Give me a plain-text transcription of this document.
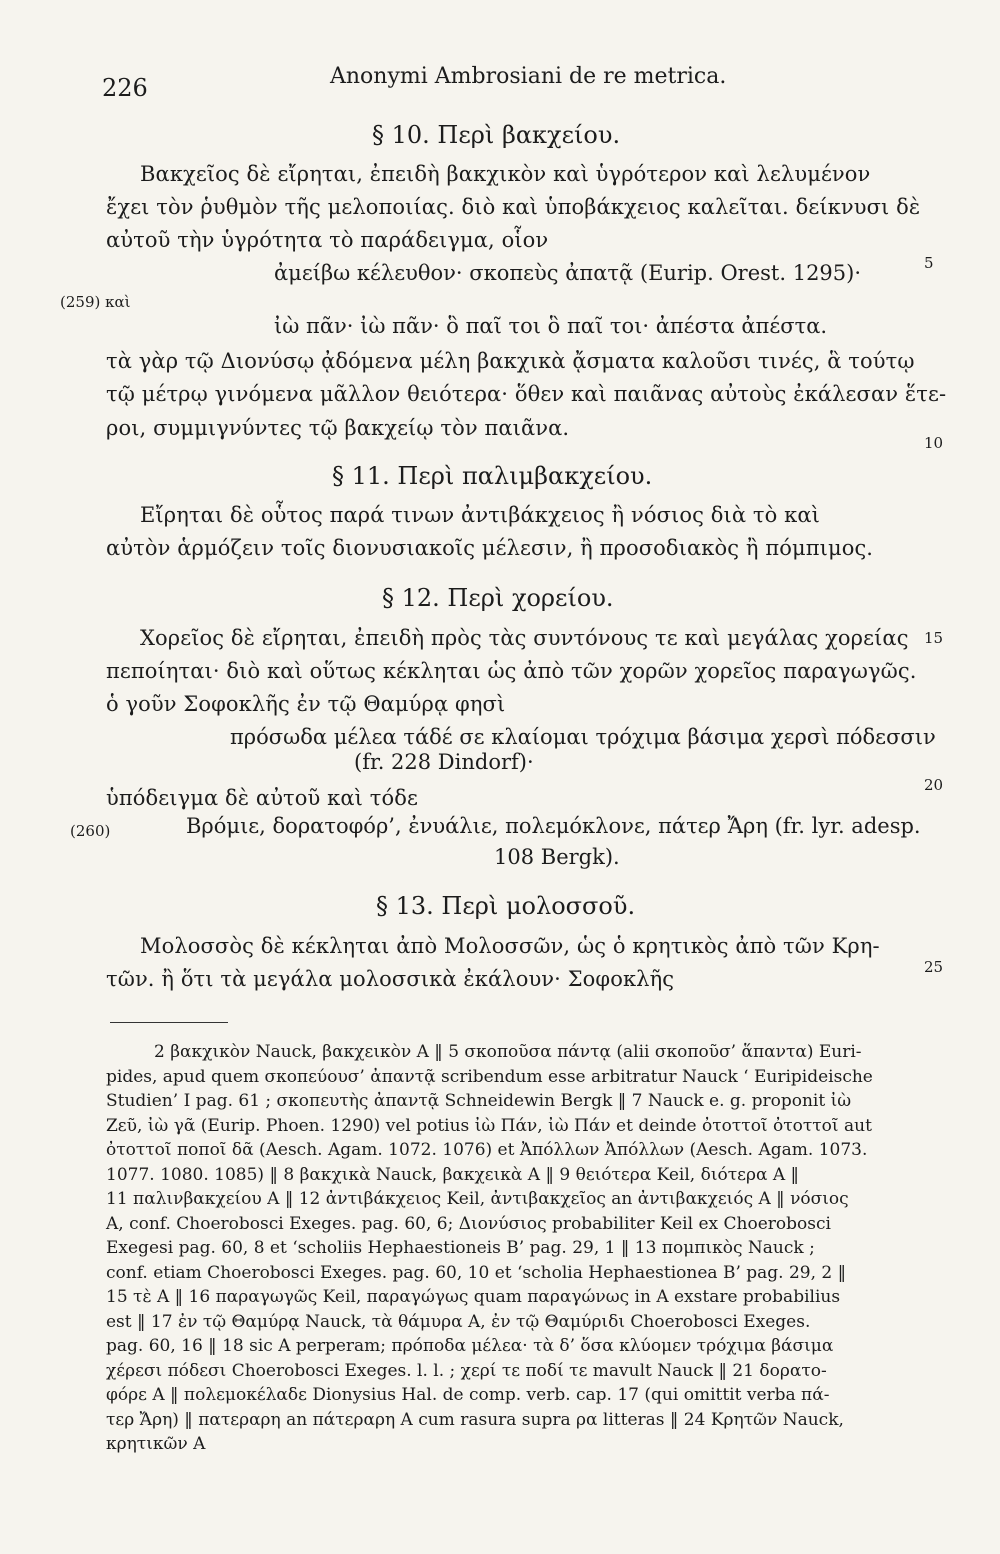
226	Anonymi Ambrosiani de re metrica.
§ 10. Περὶ βακχείου.
Βακχεῖος δὲ εἴρηται, ἐπειδὴ βακχικὸν καὶ ὑγρότερον καὶ λελυμένον
ἔχει τὸν ῥυθμὸν τῆς μελοποιίας. διὸ καὶ ὑποβάκχειος καλεῖται. δείκνυσι δὲ
αὐτοῦ τὴν ὑγρότητα τὸ παράδειγμα, οἷον
ἀμείβω κέλευθον· σκοπεὺς ἀπατᾷ (Eurip. Orest. 1295)·
(259) καὶ
ἰὼ πᾶν· ἰὼ πᾶν· ὃ παῖ τοι ὃ παῖ τοι· ἀπέστα ἀπέστα.
τὰ γὰρ τῷ Διονύσῳ ᾀδόμενα μέλη βακχικὰ ᾄσματα καλοῦσι τινές, ἃ τούτῳ
τῷ μέτρῳ γινόμενα μᾶλλον θειότερα· ὅθεν καὶ παιᾶνας αὐτοὺς ἐκάλεσαν ἕτε-
ροι, συμμιγνύντες τῷ βακχείῳ τὸν παιᾶνα.
§ 11. Περὶ παλιμβακχείου.
Εἴρηται δὲ οὗτος παρά τινων ἀντιβάκχειος ἢ νόσιος διὰ τὸ καὶ
αὐτὸν ἁρμόζειν τοῖς διονυσιακοῖς μέλεσιν, ἢ προσοδιακὸς ἢ πόμπιμος.
§ 12. Περὶ χορείου.
Χορεῖος δὲ εἴρηται, ἐπειδὴ πρὸς τὰς συντόνους τε καὶ μεγάλας χορείας
πεποίηται· διὸ καὶ οὕτως κέκληται ὡς ἀπὸ τῶν χορῶν χορεῖος παραγωγῶς.
ὁ γοῦν Σοφοκλῆς ἐν τῷ Θαμύρᾳ φησὶ
πρόσωδα μέλεα τάδέ σε κλαίομαι τρόχιμα βάσιμα χερσὶ πόδεσσιν
(fr. 228 Dindorf)·
ὑπόδειγμα δὲ αὐτοῦ καὶ τόδε
(260)	Βρόμιε, δορατοφόρ’, ἐνυάλιε, πολεμόκλονε, πάτερ Ἄρη (fr. lyr. adesp.
108 Bergk).
§ 13. Περὶ μολοσσοῦ.
Μολοσσὸς δὲ κέκληται ἀπὸ Μολοσσῶν, ὡς ὁ κρητικὸς ἀπὸ τῶν Κρη-
τῶν. ἢ ὅτι τὰ μεγάλα μολοσσικὰ ἐκάλουν· Σοφοκλῆς
5
10
15
20
25
2 βακχικὸν Nauck, βακχεικὸν A ‖ 5 σκοποῦσα πάντᾳ (alii σκοποῦσ’ ἅπαντα) Euri-
pides, apud quem σκοπεύουσ’ ἀπαντᾷ scribendum esse arbitratur Nauck ‘ Euripideische
Studien’ I pag. 61 ; σκοπευτὴς ἀπαντᾷ Schneidewin Bergk ‖ 7 Nauck e. g. proponit ἰὼ
Ζεῦ, ἰὼ γᾶ (Eurip. Phoen. 1290) vel potius ἰὼ Πάν, ἰὼ Πάν et deinde ὀτοττοῖ ὀτοττοῖ aut
ὀτοττοῖ ποποῖ δᾶ (Aesch. Agam. 1072. 1076) et Ἀπόλλων Ἀπόλλων (Aesch. Agam. 1073.
1077. 1080. 1085) ‖ 8 βακχικὰ Nauck, βακχεικὰ A ‖ 9 θειότερα Keil, διότερα A ‖
11 παλινβακχείου A ‖ 12 ἀντιβάκχειος Keil, ἀντιβακχεῖος an ἀντιβακχειός A ‖ νόσιος
A, conf. Choerobosci Exeges. pag. 60, 6; Διονύσιος probabiliter Keil ex Choerobosci
Exegesi pag. 60, 8 et ‘scholiis Hephaestioneis B’ pag. 29, 1 ‖ 13 πομπικὸς Nauck ;
conf. etiam Choerobosci Exeges. pag. 60, 10 et ‘scholia Hephaestionea B’ pag. 29, 2 ‖
15 τὲ A ‖ 16 παραγωγῶς Keil, παραγώγως quam παραγώνως in A exstare probabilius
est ‖ 17 ἐν τῷ Θαμύρᾳ Nauck, τὰ θάμυρα A, ἐν τῷ Θαμύριδι Choerobosci Exeges.
pag. 60, 16 ‖ 18 sic A perperam; πρόποδα μέλεα· τὰ δ’ ὅσα κλύομεν τρόχιμα βάσιμα
χέρεσι πόδεσι Choerobosci Exeges. l. l. ; χερί τε ποδί τε mavult Nauck ‖ 21 δορατο-
φόρε A ‖ πολεμοκέλαδε Dionysius Hal. de comp. verb. cap. 17 (qui omittit verba πά-
τερ Ἄρη) ‖ πατεραρη an πάτεραρη A cum rasura supra ρα litteras ‖ 24 Κρητῶν Nauck,
κρητικῶν A
